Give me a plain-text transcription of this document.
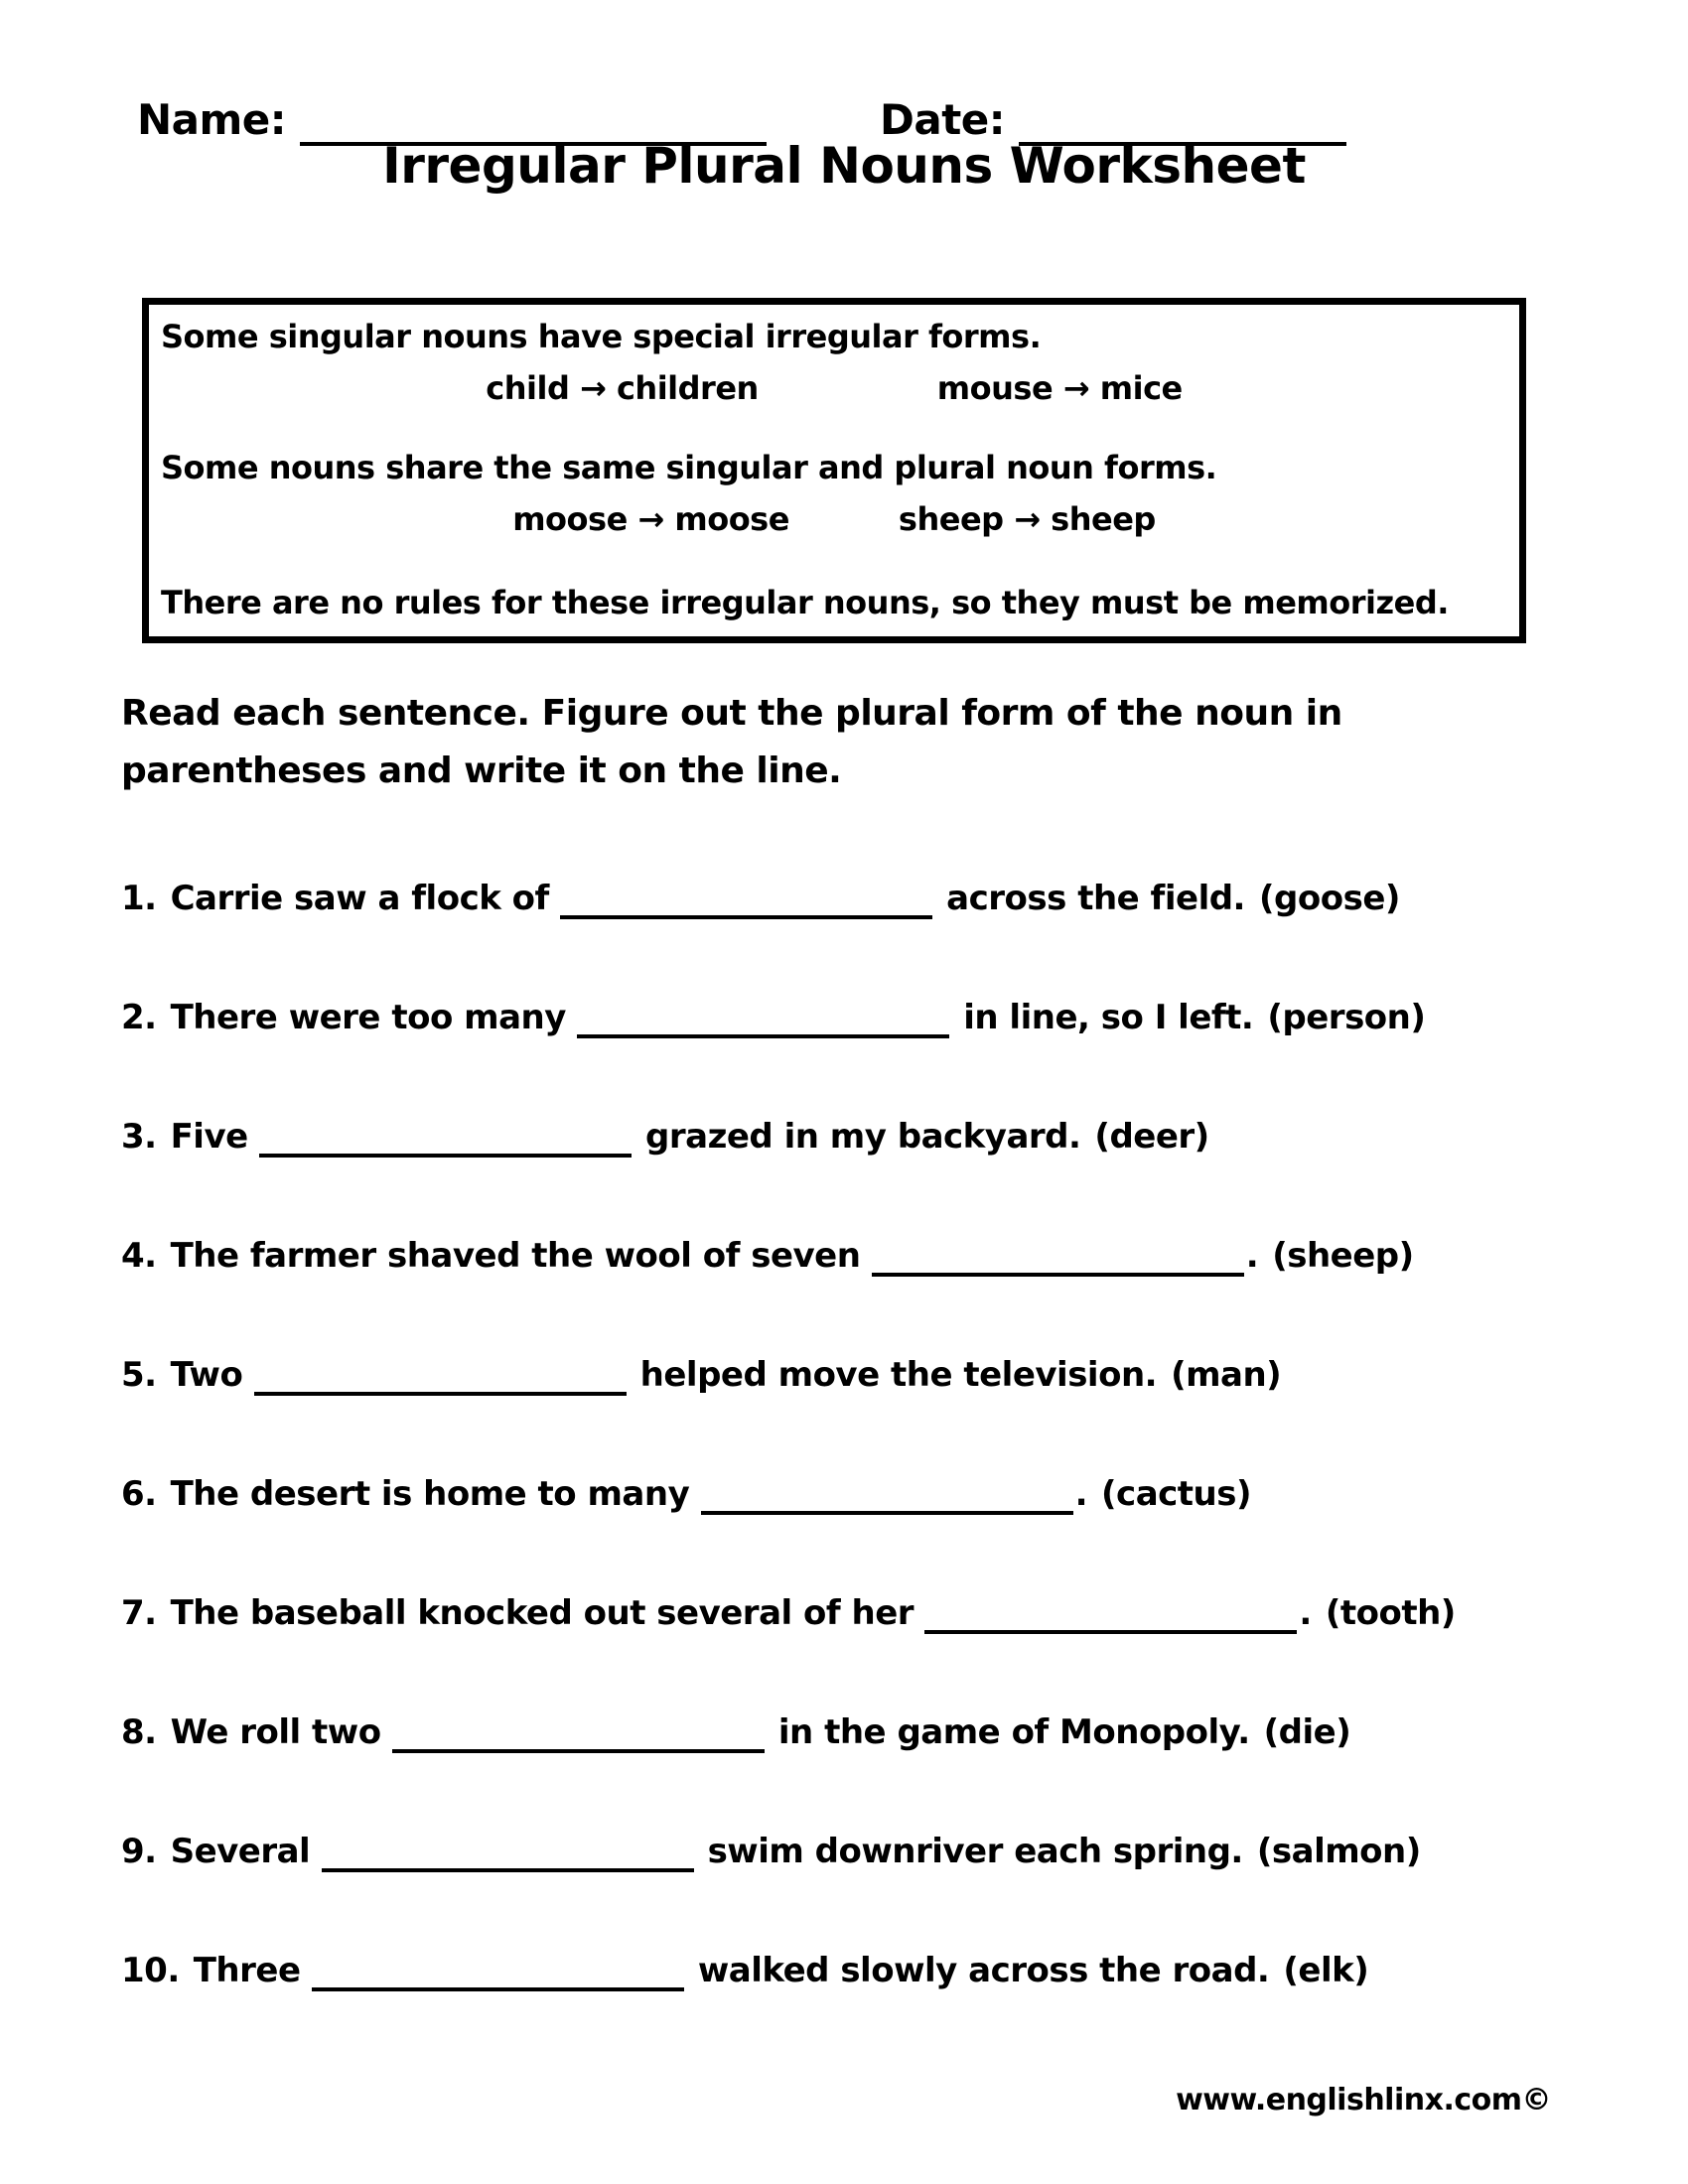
Name:	Date:
Irregular Plural Nouns Worksheet
Some singular nouns have special irregular forms.
child → children	mouse → mice
Some nouns share the same singular and plural noun forms.
moose → moose	sheep → sheep
There are no rules for these irregular nouns, so they must be memorized.
Read each sentence. Figure out the plural form of the noun in
parentheses and write it on the line.
1. Carrie saw a flock of	across the field. (goose)
2. There were too many	in line, so I left. (person)
3. Five	grazed in my backyard. (deer)
4. The farmer shaved the wool of seven	. (sheep)
5. Two	helped move the television. (man)
6. The desert is home to many	. (cactus)
7. The baseball knocked out several of her	. (tooth)
8. We roll two	in the game of Monopoly. (die)
9. Several	swim downriver each spring. (salmon)
10. Three	walked slowly across the road. (elk)
www.englishlinx.com©
